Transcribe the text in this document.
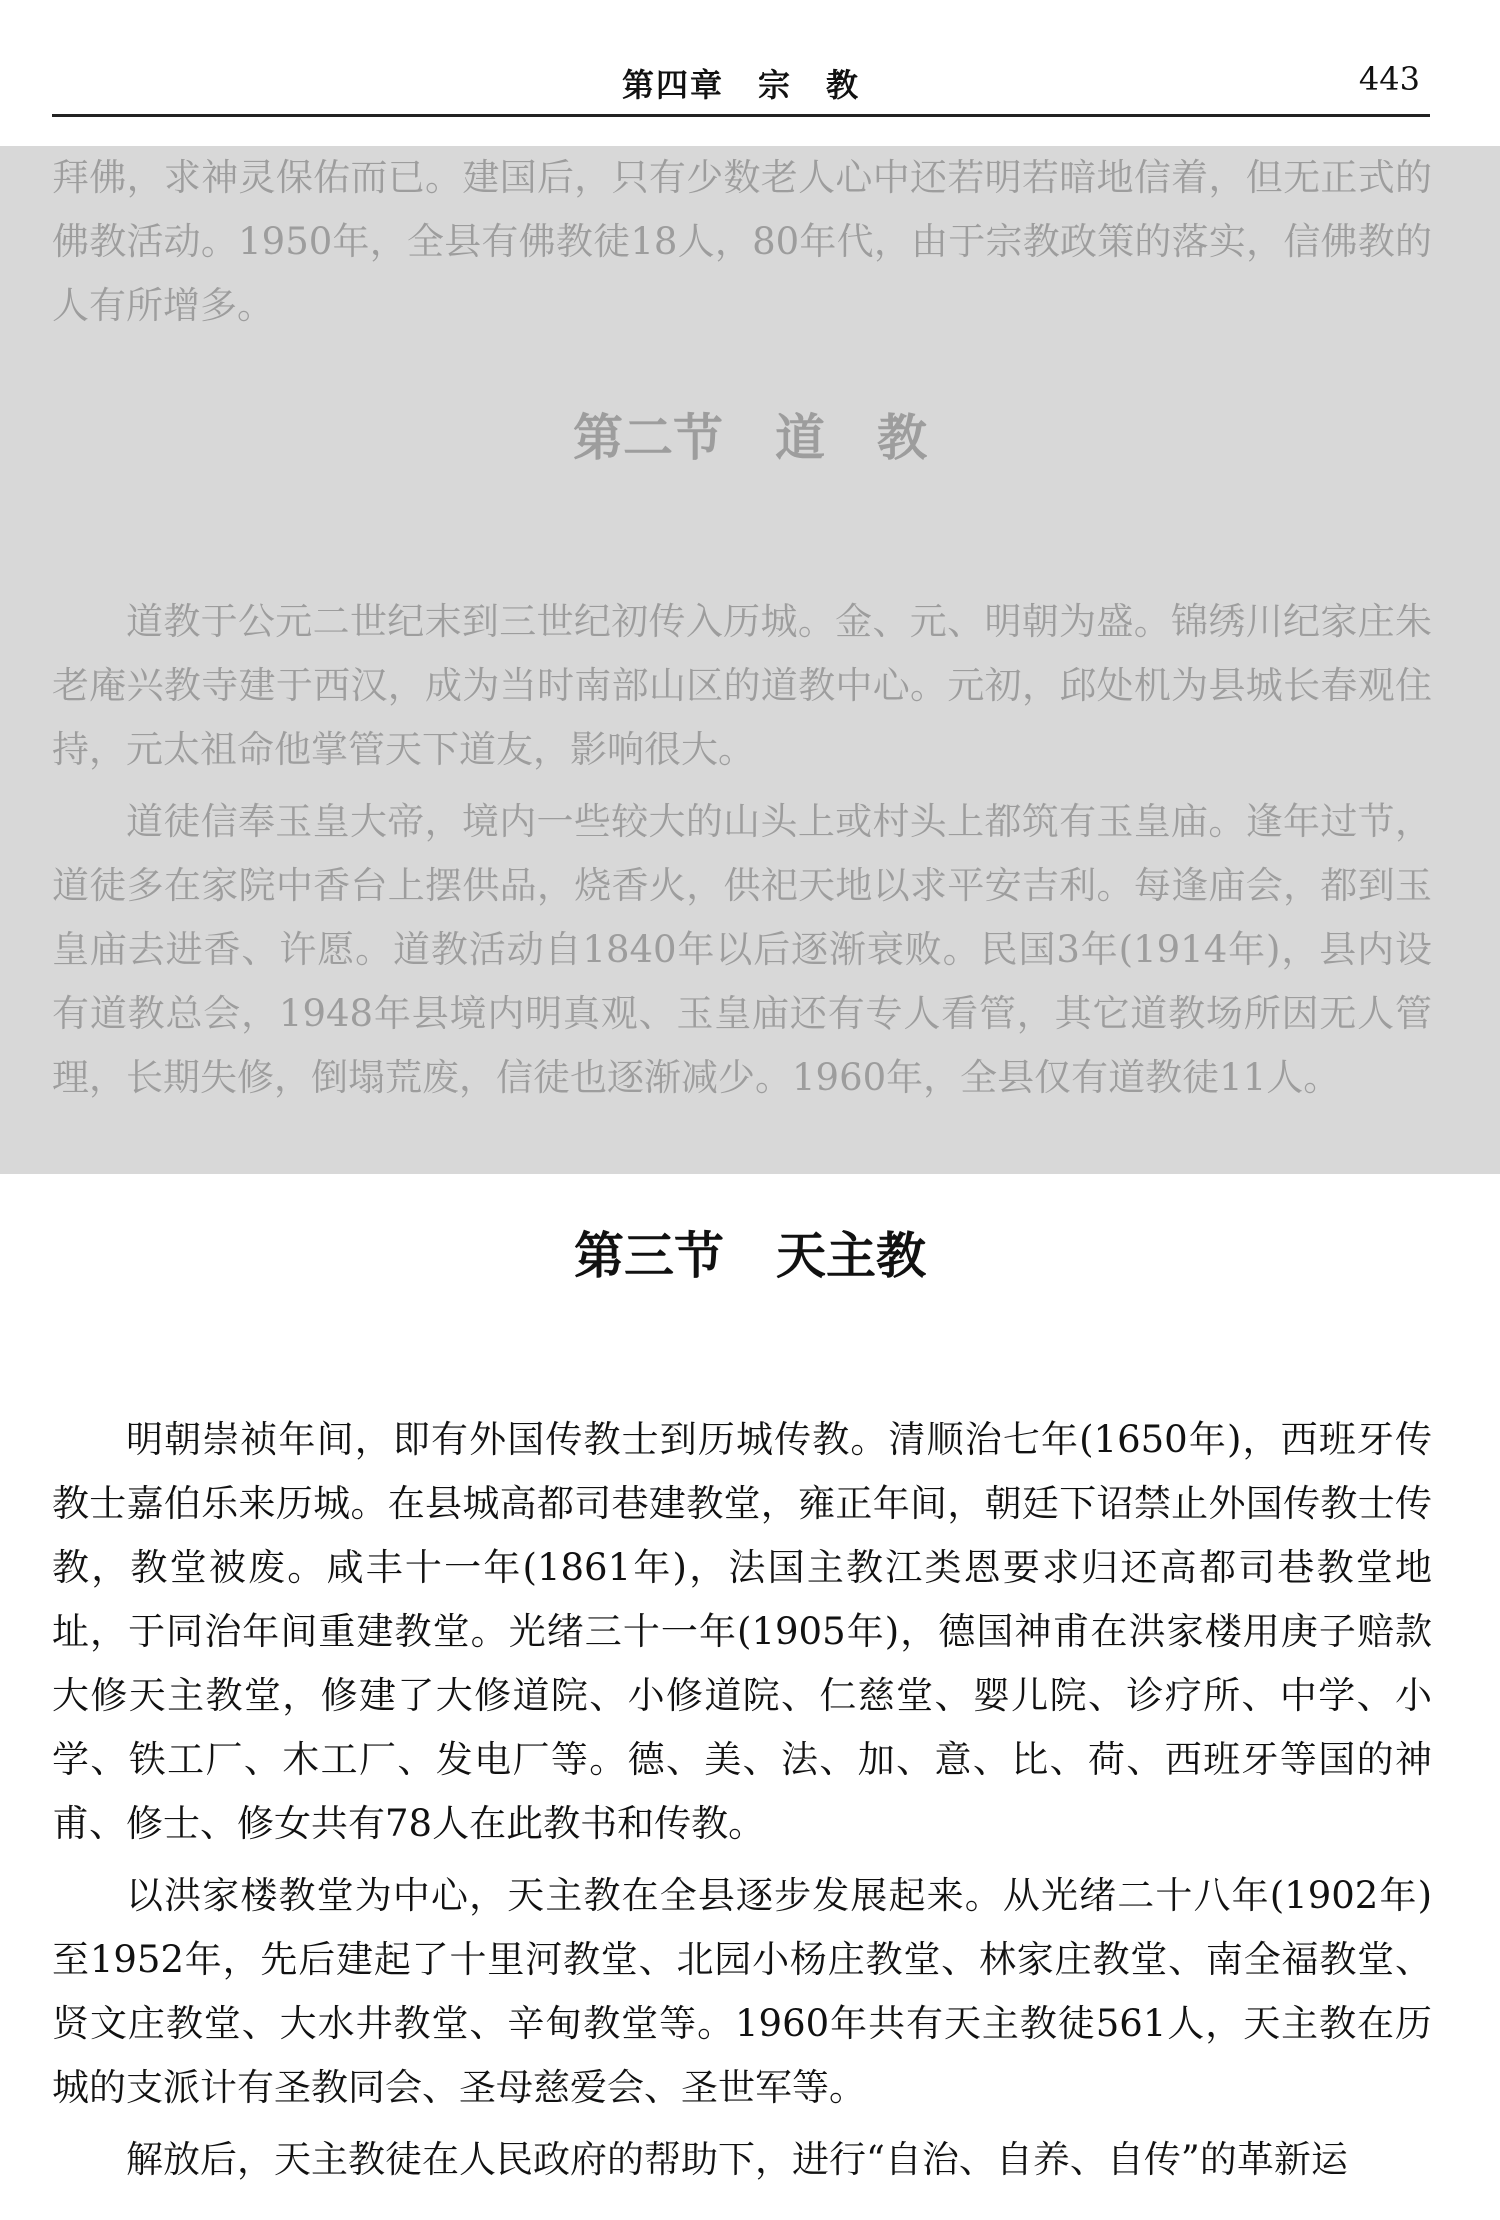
第四章　宗　教	443

拜佛，求神灵保佑而已。建国后，只有少数老人心中还若明若暗地信着，但无正式的佛教活动。1950年，全县有佛教徒18人，80年代，由于宗教政策的落实，信佛教的人有所增多。

第二节 道 教

道教于公元二世纪末到三世纪初传入历城。金、元、明朝为盛。锦绣川纪家庄朱老庵兴教寺建于西汉，成为当时南部山区的道教中心。元初，邱处机为县城长春观住持，元太祖命他掌管天下道友，影响很大。

道徒信奉玉皇大帝，境内一些较大的山头上或村头上都筑有玉皇庙。逢年过节，道徒多在家院中香台上摆供品，烧香火，供祀天地以求平安吉利。每逢庙会，都到玉皇庙去进香、许愿。道教活动自1840年以后逐渐衰败。民国3年(1914年)，县内设有道教总会，1948年县境内明真观、玉皇庙还有专人看管，其它道教场所因无人管理，长期失修，倒塌荒废，信徒也逐渐减少。1960年，全县仅有道教徒11人。

第三节 天主教

明朝崇祯年间，即有外国传教士到历城传教。清顺治七年(1650年)，西班牙传教士嘉伯乐来历城。在县城高都司巷建教堂，雍正年间，朝廷下诏禁止外国传教士传教，教堂被废。咸丰十一年(1861年)，法国主教江类恩要求归还高都司巷教堂地址，于同治年间重建教堂。光绪三十一年(1905年)，德国神甫在洪家楼用庚子赔款大修天主教堂，修建了大修道院、小修道院、仁慈堂、婴儿院、诊疗所、中学、小学、铁工厂、木工厂、发电厂等。德、美、法、加、意、比、荷、西班牙等国的神甫、修士、修女共有78人在此教书和传教。

以洪家楼教堂为中心，天主教在全县逐步发展起来。从光绪二十八年(1902年)至1952年，先后建起了十里河教堂、北园小杨庄教堂、林家庄教堂、南全福教堂、贤文庄教堂、大水井教堂、辛甸教堂等。1960年共有天主教徒561人，天主教在历城的支派计有圣教同会、圣母慈爱会、圣世军等。

解放后，天主教徒在人民政府的帮助下，进行“自治、自养、自传”的革新运
